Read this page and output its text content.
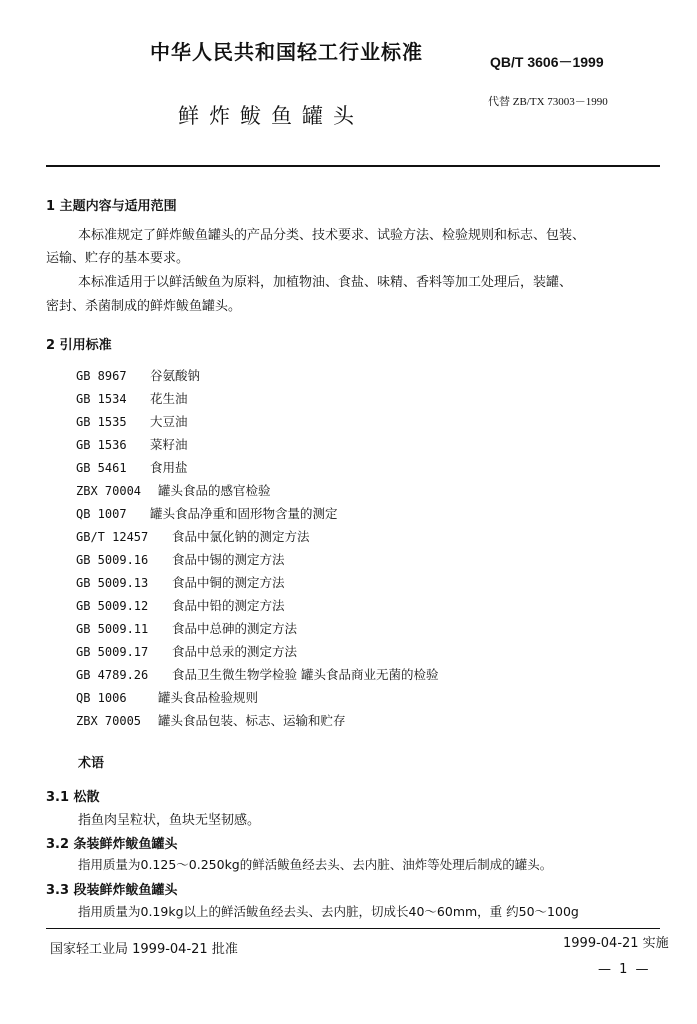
中华人民共和国轻工行业标准	QB/T 3606－1999
代替 ZB/TX 73003－1990
鲜炸鲅鱼罐头
1 主题内容与适用范围
本标准规定了鲜炸鲅鱼罐头的产品分类、技术要求、试验方法、检验规则和标志、包装、
运输、贮存的基本要求。
本标准适用于以鲜活鲅鱼为原料，加植物油、食盐、味精、香料等加工处理后，装罐、
密封、杀菌制成的鲜炸鲅鱼罐头。
2 引用标准
GB 8967 谷氨酸钠
GB 1534 花生油
GB 1535 大豆油
GB 1536 菜籽油
GB 5461 食用盐
ZBX 70004 罐头食品的感官检验
QB 1007 罐头食品净重和固形物含量的测定
GB/T 12457 食品中氯化钠的测定方法
GB 5009.16 食品中锡的测定方法
GB 5009.13 食品中铜的测定方法
GB 5009.12 食品中铅的测定方法
GB 5009.11 食品中总砷的测定方法
GB 5009.17 食品中总汞的测定方法
GB 4789.26 食品卫生微生物学检验 罐头食品商业无菌的检验
QB 1006	罐头食品检验规则
ZBX 70005 罐头食品包装、标志、运输和贮存
术语
3.1 松散
指鱼肉呈粒状，鱼块无坚韧感。
3.2 条装鲜炸鲅鱼罐头
指用质量为0.125～0.250kg的鲜活鲅鱼经去头、去内脏、油炸等处理后制成的罐头。
3.3 段装鲜炸鲅鱼罐头
指用质量为0.19kg以上的鲜活鲅鱼经去头、去内脏，切成长40～60mm，重 约50～100g
国家轻工业局 1999-04-21 批准	1999-04-21 实施
— 1 —
